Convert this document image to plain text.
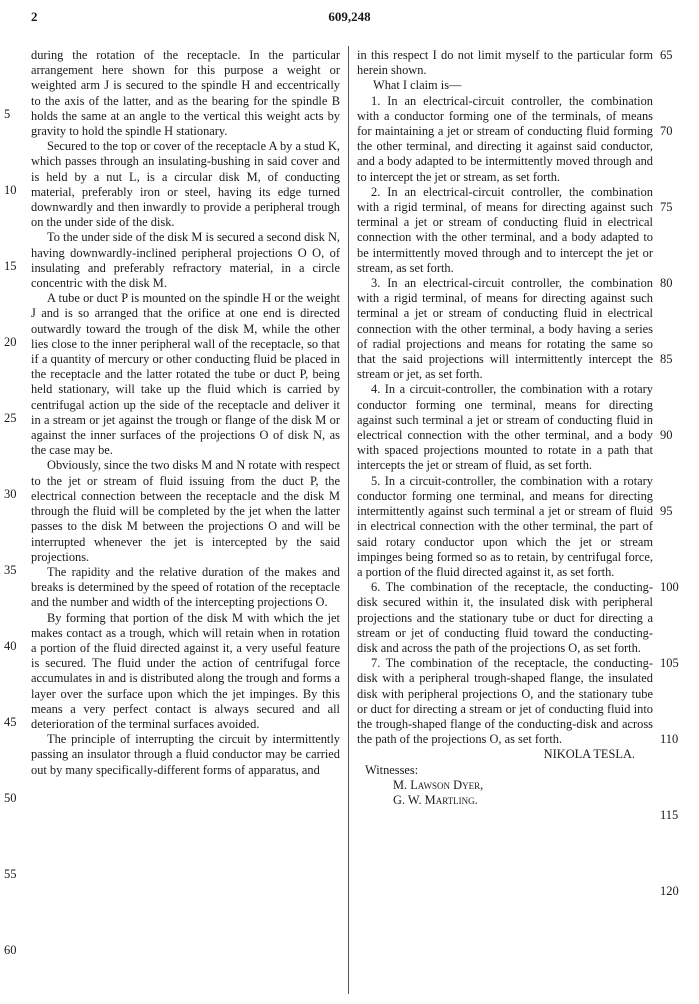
2	609,248

during the rotation of the receptacle. In the particular arrangement here shown for this purpose a weight or weighted arm J is secured to the spindle H and eccentrically to the axis of the latter, and as the bearing for the spindle B holds the same at an angle to the vertical this weight acts by gravity to hold the spindle H stationary.

Secured to the top or cover of the receptacle A by a stud K, which passes through an insulating-bushing in said cover and is held by a nut L, is a circular disk M, of conducting material, preferably iron or steel, having its edge turned downwardly and then inwardly to provide a peripheral trough on the under side of the disk.

To the under side of the disk M is secured a second disk N, having downwardly-inclined peripheral projections O O, of insulating and preferably refractory material, in a circle concentric with the disk M.

A tube or duct P is mounted on the spindle H or the weight J and is so arranged that the orifice at one end is directed outwardly toward the trough of the disk M, while the other lies close to the inner peripheral wall of the receptacle, so that if a quantity of mercury or other conducting fluid be placed in the receptacle and the latter rotated the tube or duct P, being held stationary, will take up the fluid which is carried by centrifugal action up the side of the receptacle and deliver it in a stream or jet against the trough or flange of the disk M or against the inner surfaces of the projections O of disk N, as the case may be.

Obviously, since the two disks M and N rotate with respect to the jet or stream of fluid issuing from the duct P, the electrical connection between the receptacle and the disk M through the fluid will be completed by the jet when the latter passes to the disk M between the projections O and will be interrupted whenever the jet is intercepted by the said projections.

The rapidity and the relative duration of the makes and breaks is determined by the speed of rotation of the receptacle and the number and width of the intercepting projections O.

By forming that portion of the disk M with which the jet makes contact as a trough, which will retain when in rotation a portion of the fluid directed against it, a very useful feature is secured. The fluid under the action of centrifugal force accumulates in and is distributed along the trough and forms a layer over the surface upon which the jet impinges. By this means a very perfect contact is always secured and all deterioration of the terminal surfaces avoided.

The principle of interrupting the circuit by intermittently passing an insulator through a fluid conductor may be carried out by many specifically-different forms of apparatus, and

in this respect I do not limit myself to the particular form herein shown.

What I claim is—

1. In an electrical-circuit controller, the combination with a conductor forming one of the terminals, of means for maintaining a jet or stream of conducting fluid forming the other terminal, and directing it against said conductor, and a body adapted to be intermittently moved through and to intercept the jet or stream, as set forth.

2. In an electrical-circuit controller, the combination with a rigid terminal, of means for directing against such terminal a jet or stream of conducting fluid in electrical connection with the other terminal, and a body adapted to be intermittently moved through and to intercept the jet or stream, as set forth.

3. In an electrical-circuit controller, the combination with a rigid terminal, of means for directing against such terminal a jet or stream of conducting fluid in electrical connection with the other terminal, a body having a series of radial projections and means for rotating the same so that the said projections will intermittently intercept the stream or jet, as set forth.

4. In a circuit-controller, the combination with a rotary conductor forming one terminal, means for directing against such terminal a jet or stream of conducting fluid in electrical connection with the other terminal, and a body with spaced projections mounted to rotate in a path that intercepts the jet or stream of fluid, as set forth.

5. In a circuit-controller, the combination with a rotary conductor forming one terminal, and means for directing intermittently against such terminal a jet or stream of fluid in electrical connection with the other terminal, the part of said rotary conductor upon which the jet or stream impinges being formed so as to retain, by centrifugal force, a portion of the fluid directed against it, as set forth.

6. The combination of the receptacle, the conducting-disk secured within it, the insulated disk with peripheral projections and the stationary tube or duct for directing a stream or jet of conducting fluid toward the conducting-disk and across the path of the projections O, as set forth.

7. The combination of the receptacle, the conducting-disk with a peripheral trough-shaped flange, the insulated disk with peripheral projections O, and the stationary tube or duct for directing a stream or jet of conducting fluid into the trough-shaped flange of the conducting-disk and across the path of the projections O, as set forth.

NIKOLA TESLA.

Witnesses:

M. Lawson Dyer,

G. W. Martling.

5
10
15
20
25
30
35
40
45
50
55
60
65
70
75
80
85
90
95
100
105
110
115
120
